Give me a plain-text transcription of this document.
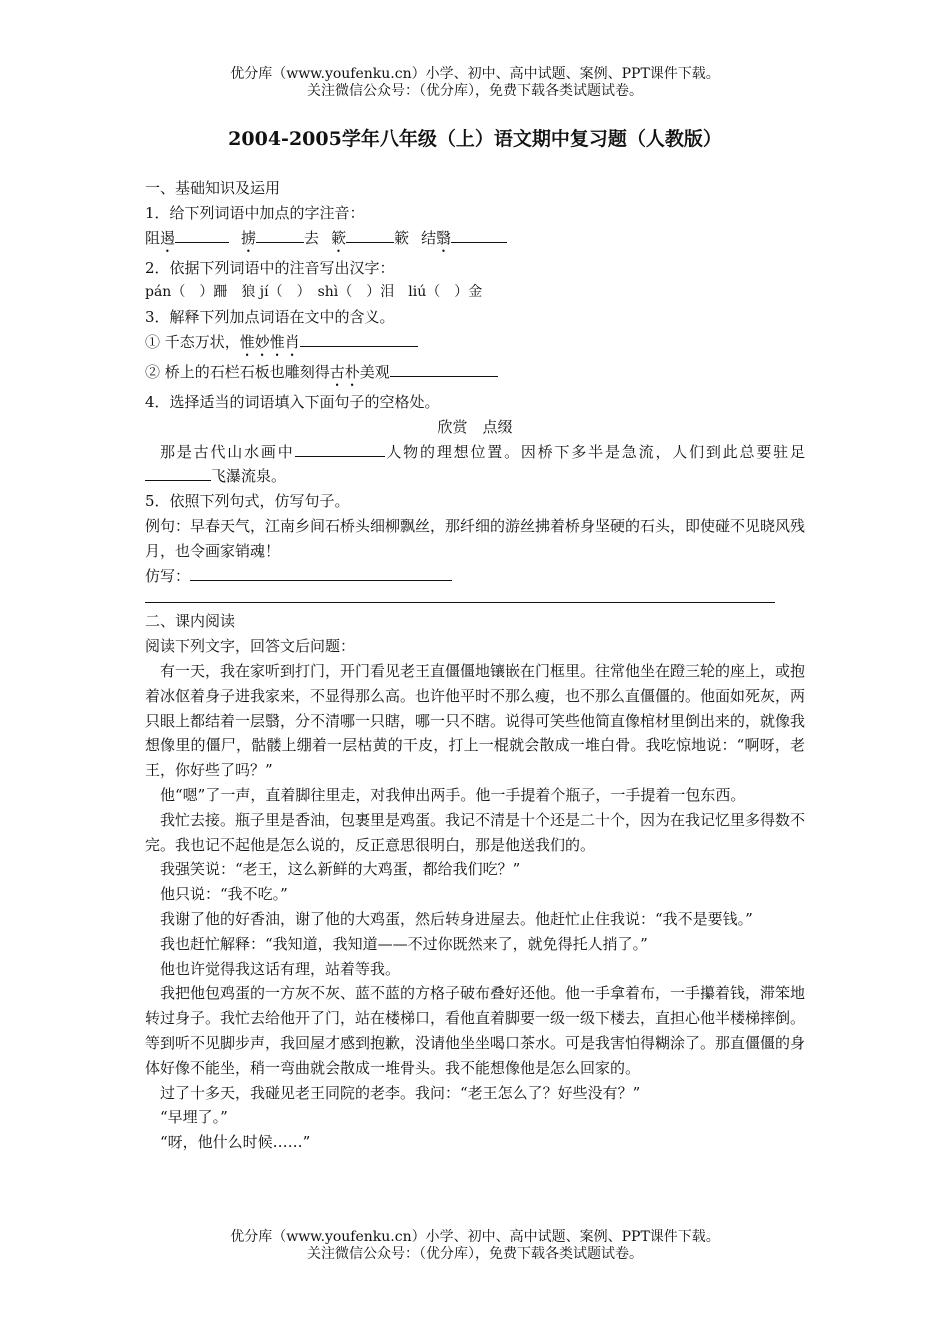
优分库（www.youfenku.cn）小学、初中、高中试题、案例、PPT课件下载。
关注微信公众号：（优分库），免费下载各类试题试卷。
2004-2005学年八年级（上）语文期中复习题（人教版）
一、基础知识及运用
1．给下列词语中加点的字注音：
阻遏	掳	去 簌	簌 结翳
2．依据下列词语中的注音写出汉字：
pán（　）跚　狼 jí（　）　shì（　）泪　liú（　）金
3．解释下列加点词语在文中的含义。
① 千态万状，惟妙惟肖
② 桥上的石栏石板也雕刻得古朴美观
4．选择适当的词语填入下面句子的空格处。
欣赏　点缀
那是古代山水画中	人物的理想位置。因桥下多半是急流，人们到此总要驻足飞瀑流泉。
5．依照下列句式，仿写句子。
例句：早春天气，江南乡间石桥头细柳飘丝，那纤细的游丝拂着桥身坚硬的石头，即使碰不见晓风残月，也令画家销魂！
仿写：
二、课内阅读
阅读下列文字，回答文后问题：
有一天，我在家听到打门，开门看见老王直僵僵地镶嵌在门框里。往常他坐在蹬三轮的座上，或抱着冰伛着身子进我家来，不显得那么高。也许他平时不那么瘦，也不那么直僵僵的。他面如死灰，两只眼上都结着一层翳，分不清哪一只瞎，哪一只不瞎。说得可笑些他简直像棺材里倒出来的，就像我想像里的僵尸，骷髅上绷着一层枯黄的干皮，打上一棍就会散成一堆白骨。我吃惊地说：“啊呀，老王，你好些了吗？”
他“嗯”了一声，直着脚往里走，对我伸出两手。他一手提着个瓶子，一手提着一包东西。
我忙去接。瓶子里是香油，包裹里是鸡蛋。我记不清是十个还是二十个，因为在我记忆里多得数不完。我也记不起他是怎么说的，反正意思很明白，那是他送我们的。
我强笑说：“老王，这么新鲜的大鸡蛋，都给我们吃？”
他只说：“我不吃。”
我谢了他的好香油，谢了他的大鸡蛋，然后转身进屋去。他赶忙止住我说：“我不是要钱。”
我也赶忙解释：“我知道，我知道——不过你既然来了，就免得托人捎了。”
他也许觉得我这话有理，站着等我。
我把他包鸡蛋的一方灰不灰、蓝不蓝的方格子破布叠好还他。他一手拿着布，一手攥着钱，滞笨地转过身子。我忙去给他开了门，站在楼梯口，看他直着脚要一级一级下楼去，直担心他半楼梯摔倒。等到听不见脚步声，我回屋才感到抱歉，没请他坐坐喝口茶水。可是我害怕得糊涂了。那直僵僵的身体好像不能坐，稍一弯曲就会散成一堆骨头。我不能想像他是怎么回家的。
过了十多天，我碰见老王同院的老李。我问：“老王怎么了？好些没有？”
“早埋了。”
“呀，他什么时候……”
优分库（www.youfenku.cn）小学、初中、高中试题、案例、PPT课件下载。
关注微信公众号：（优分库），免费下载各类试题试卷。
